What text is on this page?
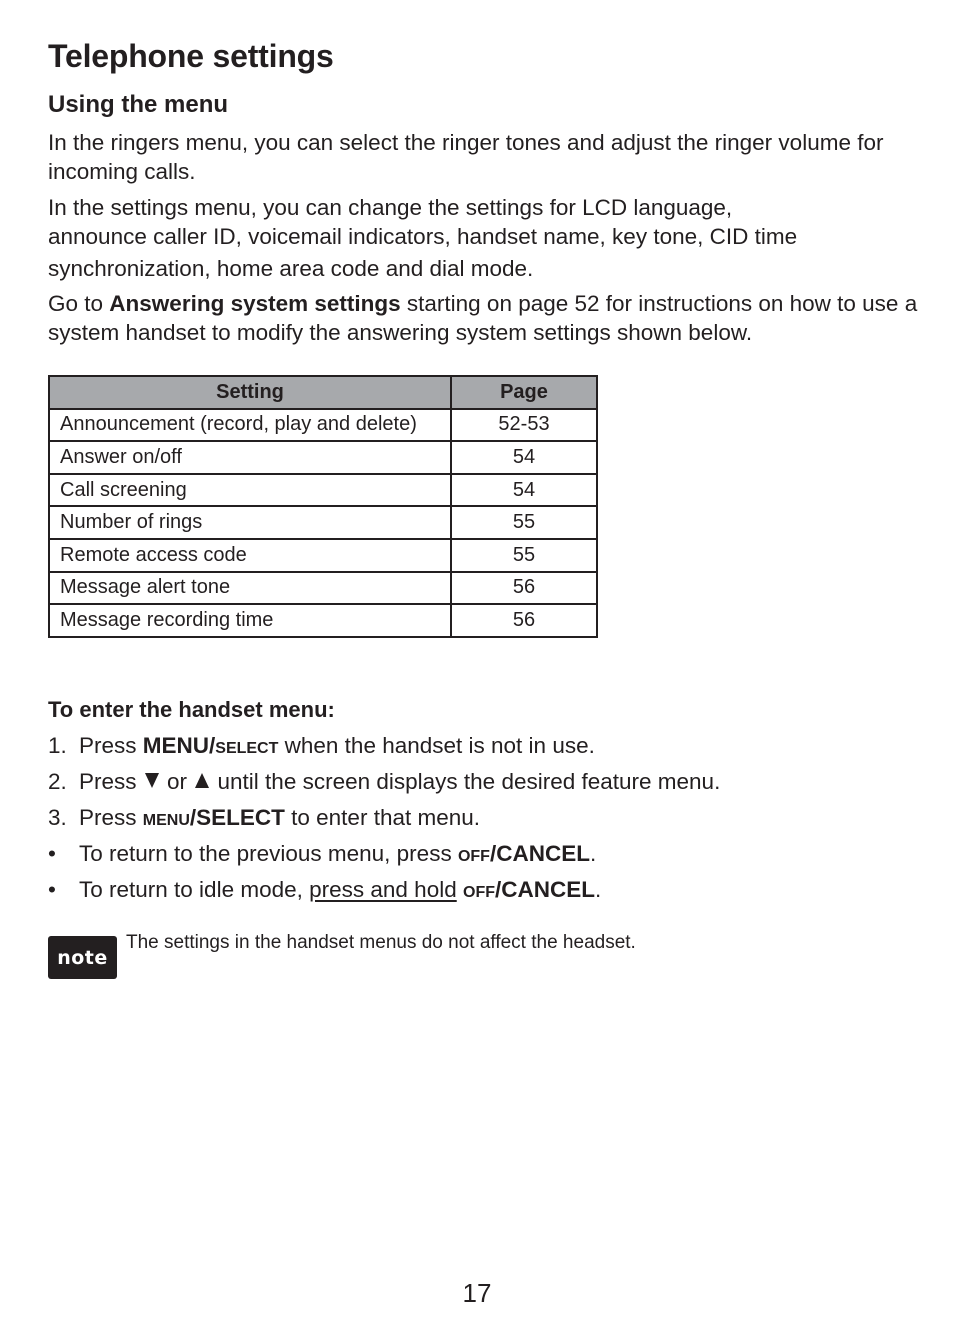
Telephone settings
Using the menu

In the ringers menu, you can select the ringer tones and adjust the ringer volume for incoming calls.

In the settings menu, you can change the settings for LCD language,
announce caller ID, voicemail indicators, handset name, key tone, CID time
synchronization, home area code and dial mode.

Go to Answering system settings starting on page 52 for instructions on how to use a system handset to modify the answering system settings shown below.

Setting	Page
Announcement (record, play and delete)	52-53
Answer on/off	54
Call screening	54
Number of rings	55
Remote access code	55
Message alert tone	56
Message recording time	56

To enter the handset menu:

1. Press MENU/SELECT when the handset is not in use.
2. Press  or  until the screen displays the desired feature menu.
3. Press MENU/SELECT to enter that menu.
• To return to the previous menu, press OFF/CANCEL.
• To return to idle mode, press and hold OFF/CANCEL.
note

The settings in the handset menus do not affect the headset.

17
